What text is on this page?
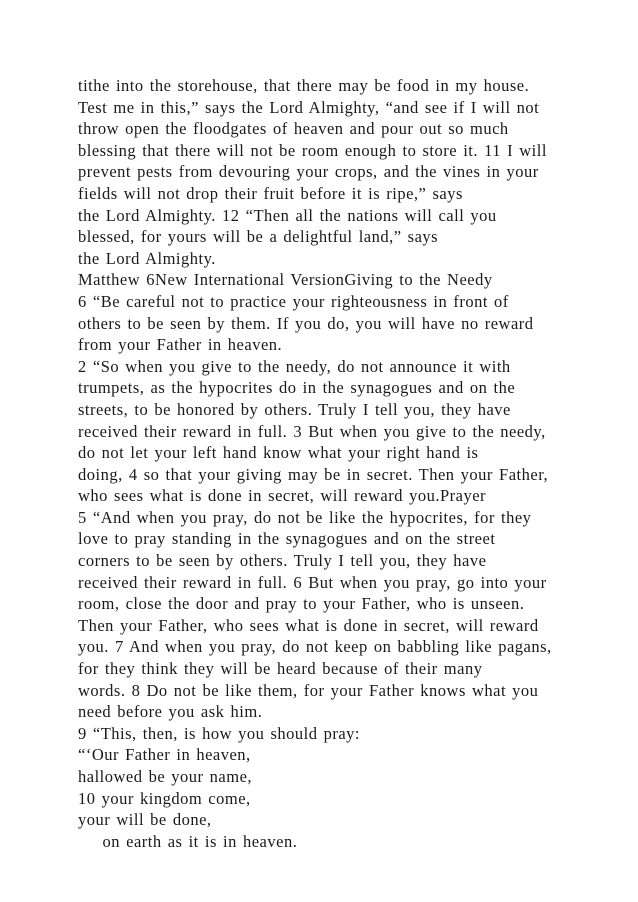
tithe into the storehouse, that there may be food in my house.
Test me in this,” says the Lord Almighty, “and see if I will not
throw open the floodgates of heaven and pour out so much
blessing that there will not be room enough to store it. 11 I will
prevent pests from devouring your crops, and the vines in your
fields will not drop their fruit before it is ripe,” says
the Lord Almighty. 12 “Then all the nations will call you
blessed, for yours will be a delightful land,” says
the Lord Almighty.
Matthew 6New International VersionGiving to the Needy
6 “Be careful not to practice your righteousness in front of
others to be seen by them. If you do, you will have no reward
from your Father in heaven.
2 “So when you give to the needy, do not announce it with
trumpets, as the hypocrites do in the synagogues and on the
streets, to be honored by others. Truly I tell you, they have
received their reward in full. 3 But when you give to the needy,
do not let your left hand know what your right hand is
doing, 4 so that your giving may be in secret. Then your Father,
who sees what is done in secret, will reward you.Prayer
5 “And when you pray, do not be like the hypocrites, for they
love to pray standing in the synagogues and on the street
corners to be seen by others. Truly I tell you, they have
received their reward in full. 6 But when you pray, go into your
room, close the door and pray to your Father, who is unseen.
Then your Father, who sees what is done in secret, will reward
you. 7 And when you pray, do not keep on babbling like pagans,
for they think they will be heard because of their many
words. 8 Do not be like them, for your Father knows what you
need before you ask him.
9 “This, then, is how you should pray:
“‘Our Father in heaven,
hallowed be your name,
10 your kingdom come,
your will be done,
on earth as it is in heaven.
